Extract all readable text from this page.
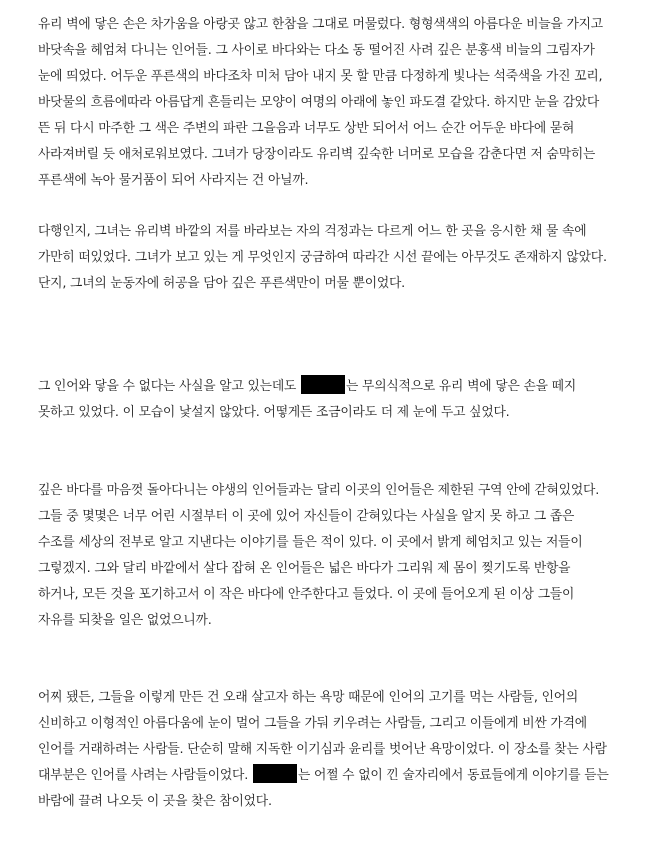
유리 벽에 닿은 손은 차가움을 아랑곳 않고 한참을 그대로 머물렀다. 형형색색의 아름다운 비늘을 가지고 바닷속을 헤엄쳐 다니는 인어들. 그 사이로 바다와는 다소 동 떨어진 사려 깊은 분홍색 비늘의 그림자가 눈에 띄었다. 어두운 푸른색의 바다조차 미처 담아 내지 못 할 만큼 다정하게 빛나는 석죽색을 가진 꼬리, 바닷물의 흐름에따라 아름답게 흔들리는 모양이 여명의 아래에 놓인 파도결 같았다. 하지만 눈을 감았다 뜬 뒤 다시 마주한 그 색은 주변의 파란 그을음과 너무도 상반 되어서 어느 순간 어두운 바다에 묻혀 사라져버릴 듯 애처로워보였다. 그녀가 당장이라도 유리벽 깊숙한 너머로 모습을 감춘다면 저 숨막히는 푸른색에 녹아 물거품이 되어 사라지는 건 아닐까.

다행인지, 그녀는 유리벽 바깥의 저를 바라보는 자의 걱정과는 다르게 어느 한 곳을 응시한 채 물 속에 가만히 떠있었다. 그녀가 보고 있는 게 무엇인지 궁금하여 따라간 시선 끝에는 아무것도 존재하지 않았다. 단지, 그녀의 눈동자에 허공을 담아 깊은 푸른색만이 머물 뿐이었다.

그 인어와 닿을 수 없다는 사실을 알고 있는데도	는 무의식적으로 유리 벽에 닿은 손을 떼지 못하고 있었다. 이 모습이 낯설지 않았다. 어떻게든 조금이라도 더 제 눈에 두고 싶었다.

깊은 바다를 마음껏 돌아다니는 야생의 인어들과는 달리 이곳의 인어들은 제한된 구역 안에 갇혀있었다. 그들 중 몇몇은 너무 어린 시절부터 이 곳에 있어 자신들이 갇혀있다는 사실을 알지 못 하고 그 좁은 수조를 세상의 전부로 알고 지낸다는 이야기를 들은 적이 있다. 이 곳에서 밝게 헤엄치고 있는 저들이 그렇겠지. 그와 달리 바깥에서 살다 잡혀 온 인어들은 넓은 바다가 그리워 제 몸이 찢기도록 반항을 하거나, 모든 것을 포기하고서 이 작은 바다에 안주한다고 들었다. 이 곳에 들어오게 된 이상 그들이 자유를 되찾을 일은 없었으니까.

어찌 됐든, 그들을 이렇게 만든 건 오래 살고자 하는 욕망 때문에 인어의 고기를 먹는 사람들, 인어의 신비하고 이형적인 아름다움에 눈이 멀어 그들을 가둬 키우려는 사람들, 그리고 이들에게 비싼 가격에 인어를 거래하려는 사람들. 단순히 말해 지독한 이기심과 윤리를 벗어난 욕망이었다. 이 장소를 찾는 사람 대부분은 인어를 사려는 사람들이었다.	는 어쩔 수 없이 낀 술자리에서 동료들에게 이야기를 듣는 바람에 끌려 나오듯 이 곳을 찾은 참이었다.
